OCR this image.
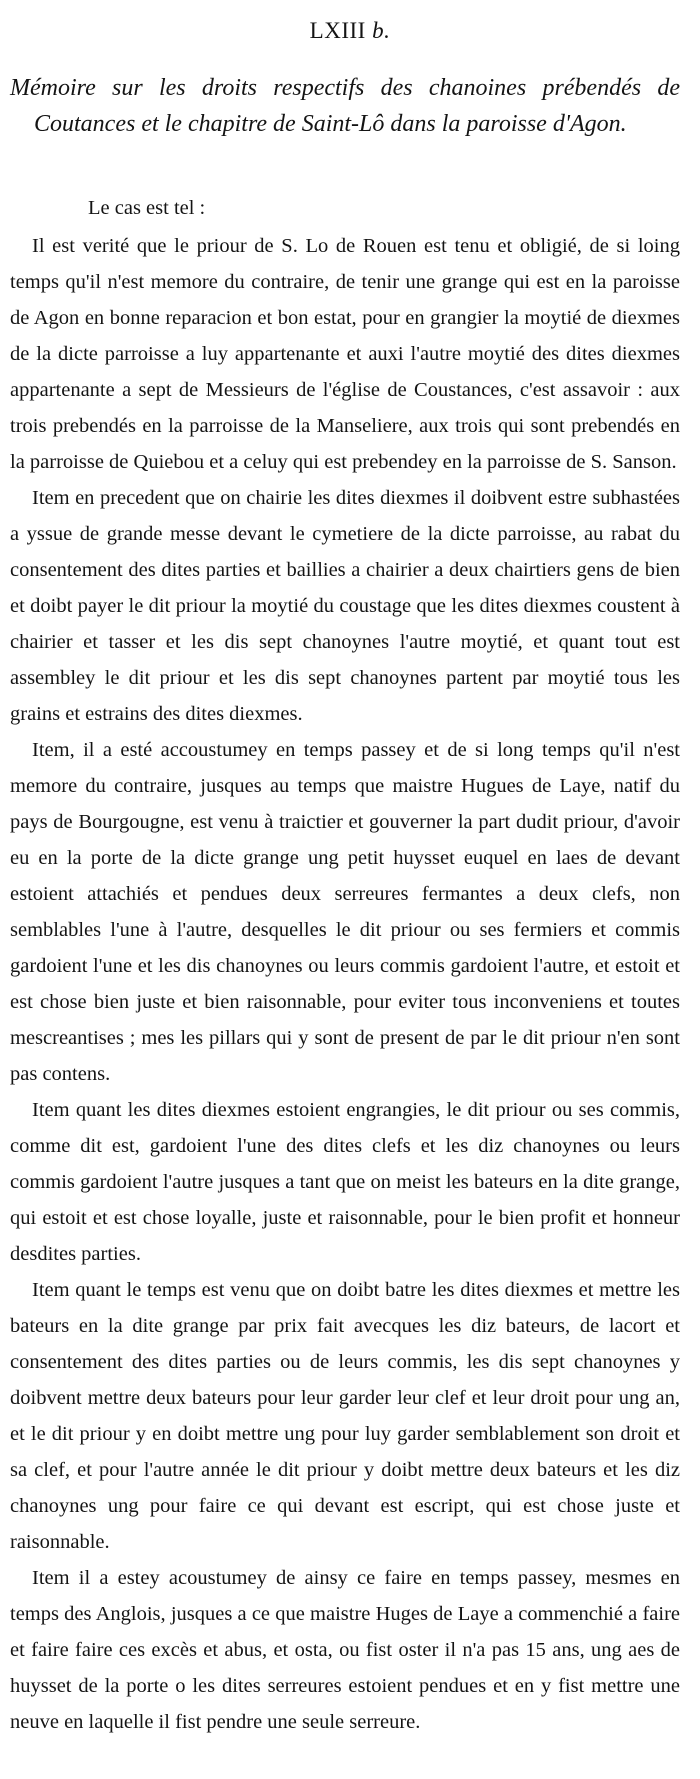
LXIII b.
Mémoire sur les droits respectifs des chanoines prébendés de
Coutances et le chapitre de Saint-Lô dans la paroisse d'Agon.
Le cas est tel :

Il est verité que le priour de S. Lo de Rouen est tenu et obligié, de si loing temps qu'il n'est memore du contraire, de tenir une grange qui est en la paroisse de Agon en bonne reparacion et bon estat, pour en grangier la moytié de diexmes de la dicte parroisse a luy appartenante et auxi l'autre moytié des dites diexmes appartenante a sept de Messieurs de l'église de Coustances, c'est assavoir : aux trois prebendés en la parroisse de la Manseliere, aux trois qui sont prebendés en la parroisse de Quiebou et a celuy qui est prebendey en la parroisse de S. Sanson.

Item en precedent que on chairie les dites diexmes il doibvent estre subhastées a yssue de grande messe devant le cymetiere de la dicte parroisse, au rabat du consentement des dites parties et baillies a chairier a deux chairtiers gens de bien et doibt payer le dit priour la moytié du coustage que les dites diexmes coustent à chairier et tasser et les dis sept chanoynes l'autre moytié, et quant tout est assembley le dit priour et les dis sept chanoynes partent par moytié tous les grains et estrains des dites diexmes.

Item, il a esté accoustumey en temps passey et de si long temps qu'il n'est memore du contraire, jusques au temps que maistre Hugues de Laye, natif du pays de Bourgougne, est venu à traictier et gouverner la part dudit priour, d'avoir eu en la porte de la dicte grange ung petit huysset euquel en laes de devant estoient attachiés et pendues deux serreures fermantes a deux clefs, non semblables l'une à l'autre, desquelles le dit priour ou ses fermiers et commis gardoient l'une et les dis chanoynes ou leurs commis gardoient l'autre, et estoit et est chose bien juste et bien raisonnable, pour eviter tous inconveniens et toutes mescreantises ; mes les pillars qui y sont de present de par le dit priour n'en sont pas contens.

Item quant les dites diexmes estoient engrangies, le dit priour ou ses commis, comme dit est, gardoient l'une des dites clefs et les diz chanoynes ou leurs commis gardoient l'autre jusques a tant que on meist les bateurs en la dite grange, qui estoit et est chose loyalle, juste et raisonnable, pour le bien profit et honneur desdites parties.

Item quant le temps est venu que on doibt batre les dites diexmes et mettre les bateurs en la dite grange par prix fait avecques les diz bateurs, de lacort et consentement des dites parties ou de leurs commis, les dis sept chanoynes y doibvent mettre deux bateurs pour leur garder leur clef et leur droit pour ung an, et le dit priour y en doibt mettre ung pour luy garder semblablement son droit et sa clef, et pour l'autre année le dit priour y doibt mettre deux bateurs et les diz chanoynes ung pour faire ce qui devant est escript, qui est chose juste et raisonnable.

Item il a estey acoustumey de ainsy ce faire en temps passey, mesmes en temps des Anglois, jusques a ce que maistre Huges de Laye a commenchié a faire et faire faire ces excès et abus, et osta, ou fist oster il n'a pas 15 ans, ung aes de huysset de la porte o les dites serreures estoient pendues et en y fist mettre une neuve en laquelle il fist pendre une seule serreure.
